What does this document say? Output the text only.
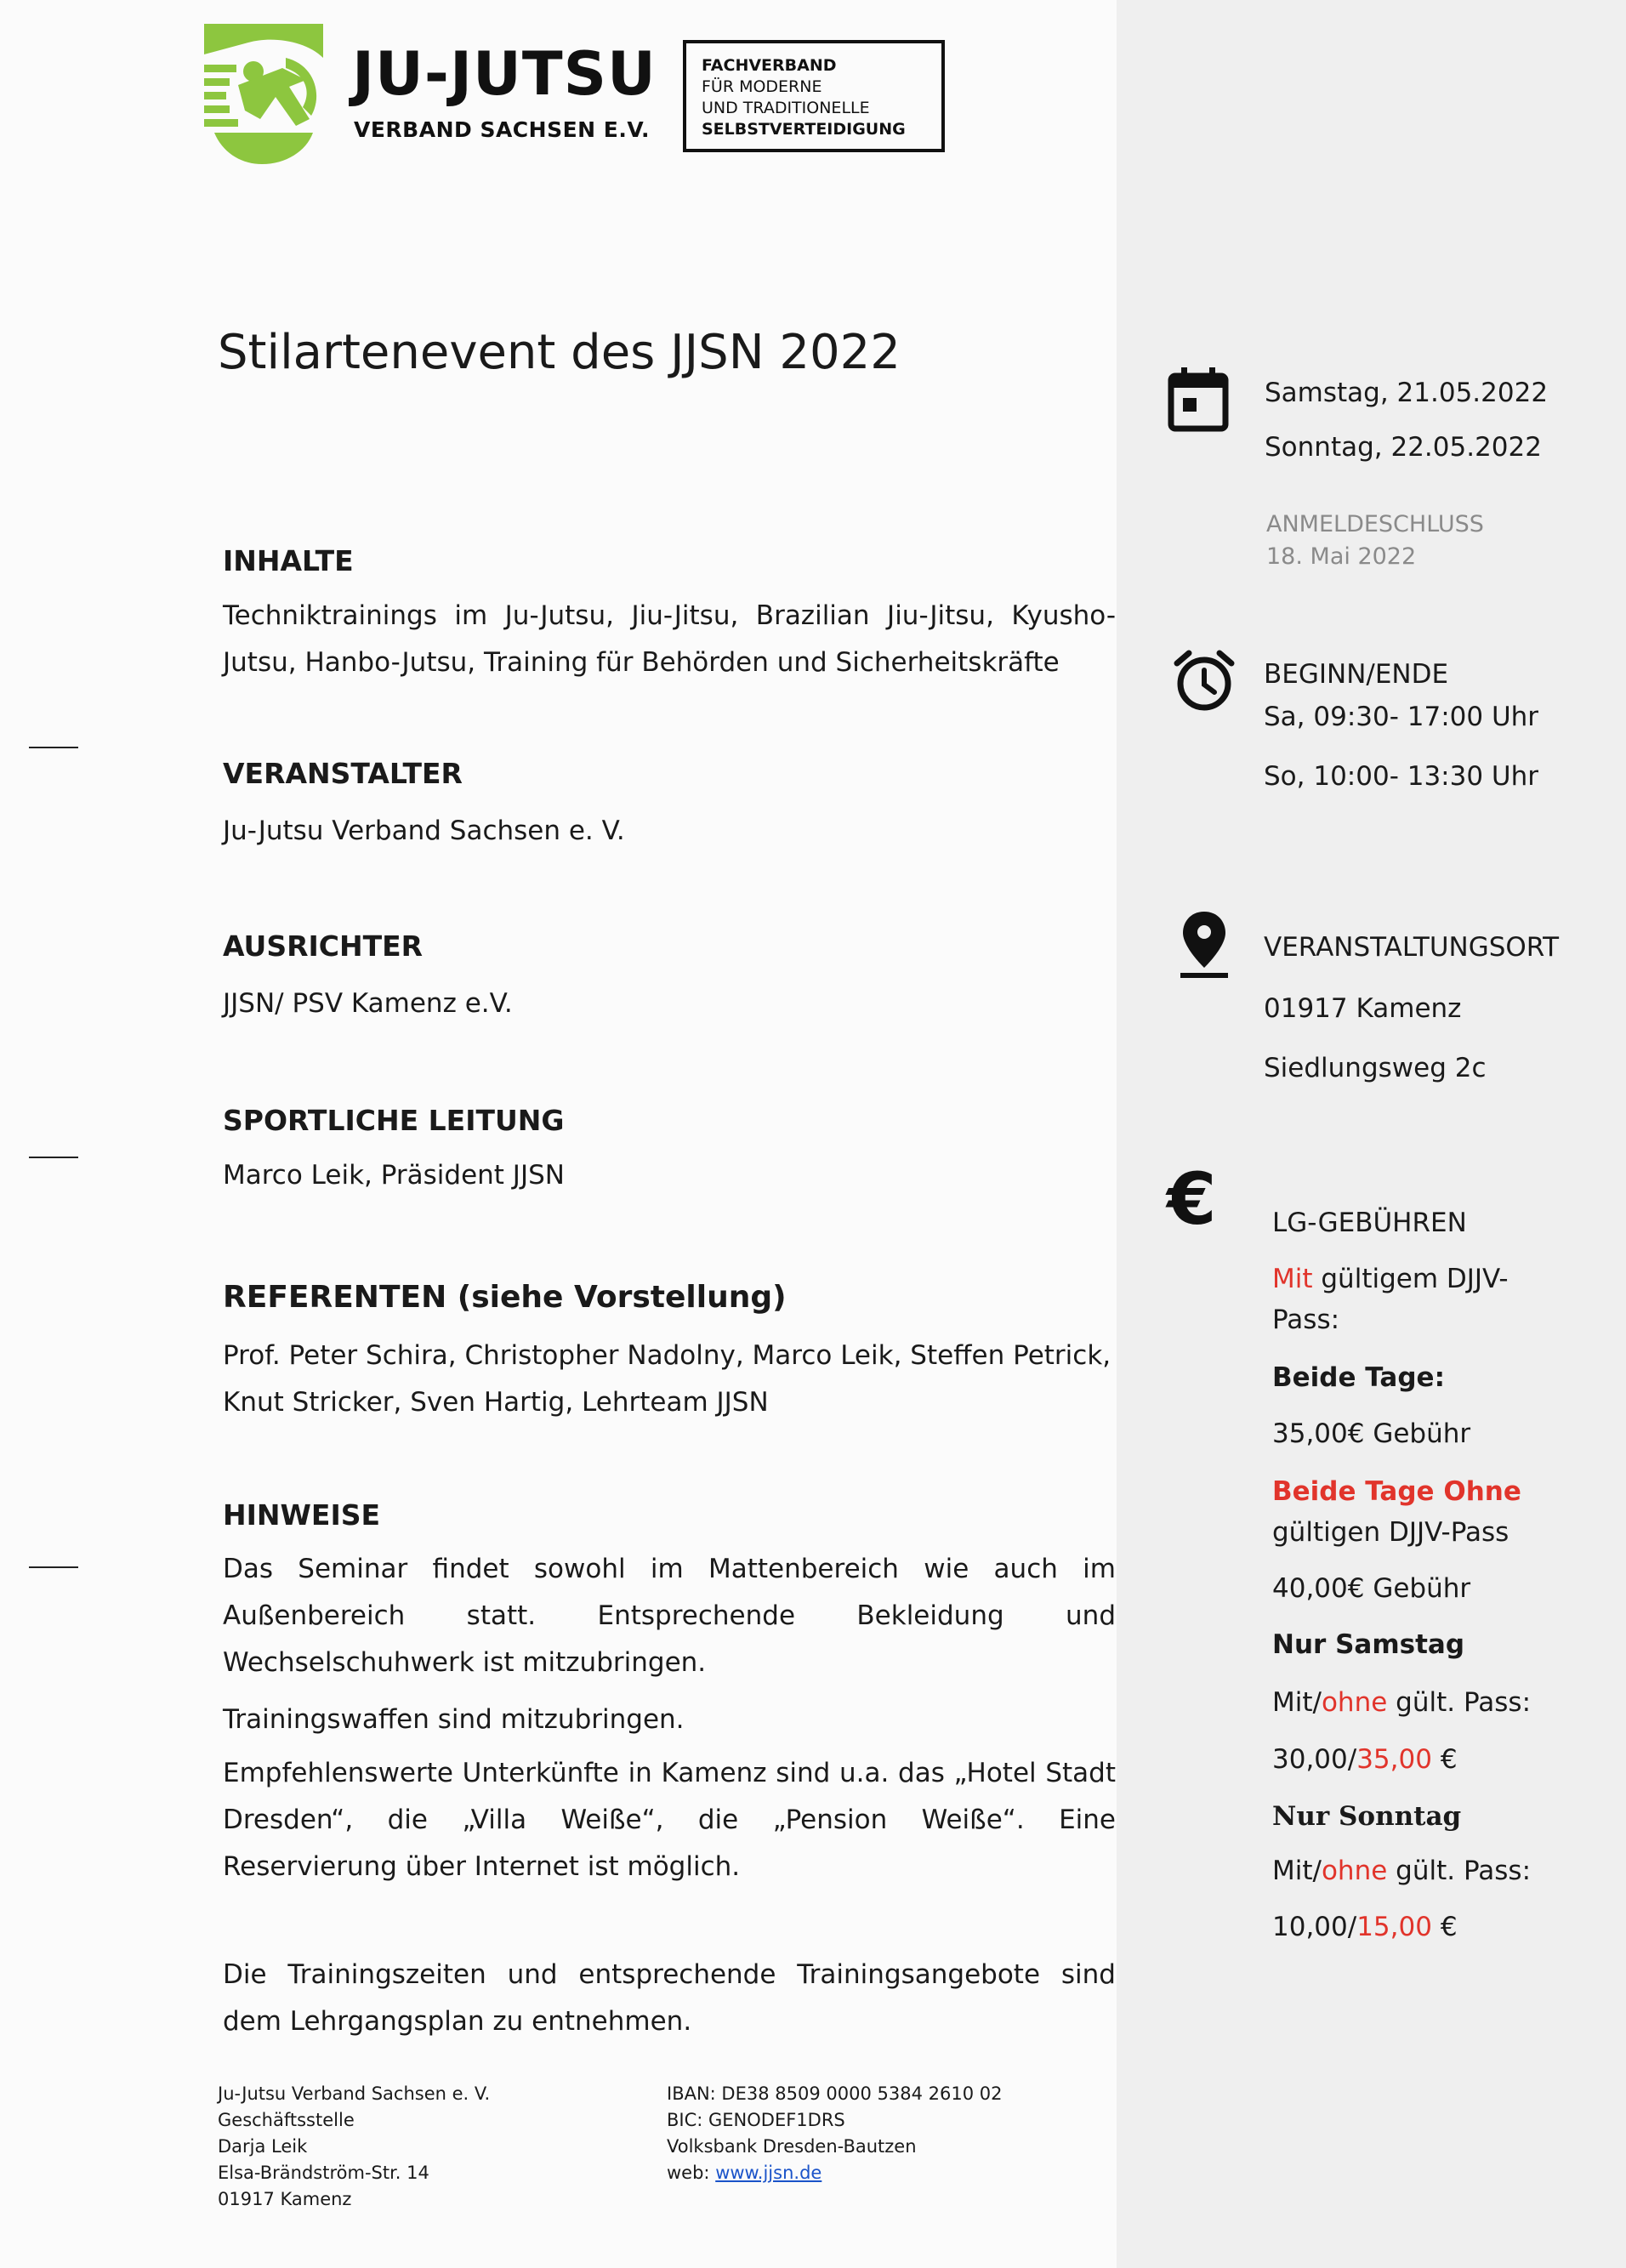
JU-JUTSU
VERBAND SACHSEN E.V.
FACHVERBAND
FÜR MODERNE
UND TRADITIONELLE
SELBSTVERTEIDIGUNG
Stilartenevent des JJSN 2022
INHALTE
Techniktrainings im Ju-Jutsu, Jiu-Jitsu, Brazilian Jiu-Jitsu, Kyusho-Jutsu, Hanbo-Jutsu, Training für Behörden und Sicherheitskräfte
VERANSTALTER
Ju-Jutsu Verband Sachsen e. V.
AUSRICHTER
JJSN/ PSV Kamenz e.V.
SPORTLICHE LEITUNG
Marco Leik, Präsident JJSN
REFERENTEN (siehe Vorstellung)
Prof. Peter Schira, Christopher Nadolny, Marco Leik, Steffen Petrick, Knut Stricker, Sven Hartig, Lehrteam JJSN
HINWEISE
Das Seminar findet sowohl im Mattenbereich wie auch im Außenbereich statt. Entsprechende Bekleidung und Wechselschuhwerk ist mitzubringen.
Trainingswaffen sind mitzubringen.
Empfehlenswerte Unterkünfte in Kamenz sind u.a. das „Hotel Stadt Dresden“, die „Villa Weiße“, die „Pension Weiße“. Eine Reservierung über Internet ist möglich.
Die Trainingszeiten und entsprechende Trainingsangebote sind dem Lehrgangsplan zu entnehmen.
Ju-Jutsu Verband Sachsen e. V.
Geschäftsstelle
Darja Leik
Elsa-Brändström-Str. 14
01917 Kamenz
IBAN: DE38 8509 0000 5384 2610 02
BIC: GENODEF1DRS
Volksbank Dresden-Bautzen
web: www.jjsn.de
Samstag, 21.05.2022
Sonntag, 22.05.2022
ANMELDESCHLUSS
18. Mai 2022
BEGINN/ENDE
Sa, 09:30- 17:00 Uhr
So, 10:00- 13:30 Uhr
VERANSTALTUNGSORT
01917 Kamenz
Siedlungsweg 2c
€ LG-GEBÜHREN
Mit gültigem DJJV-
Pass:
Beide Tage:
35,00€ Gebühr
Beide Tage Ohne
gültigen DJJV-Pass
40,00€ Gebühr
Nur Samstag
Mit/ohne gült. Pass:
30,00/35,00 €
Nur Sonntag
Mit/ohne gült. Pass:
10,00/15,00 €
